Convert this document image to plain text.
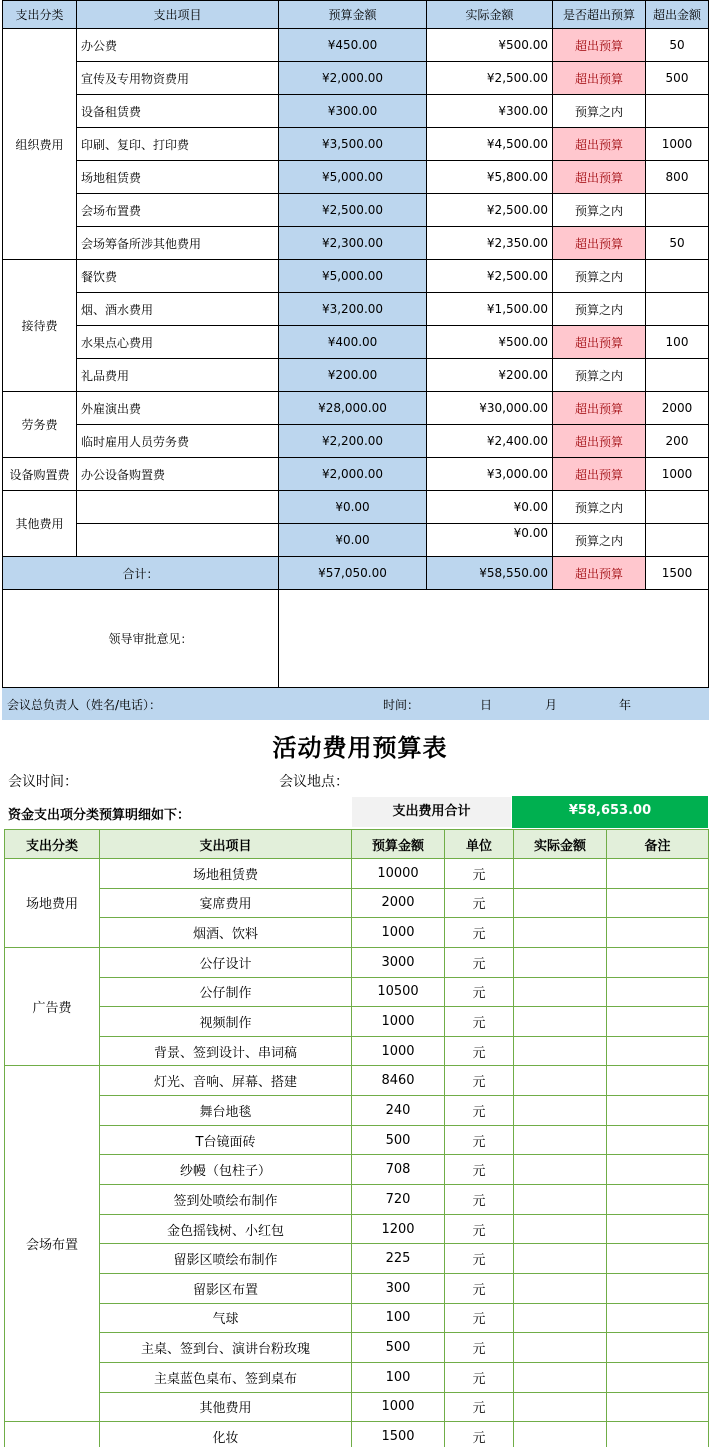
支出分类	支出项目	预算金额	实际金额	是否超出预算	超出金额
组织费用	办公费	¥450.00	¥500.00	超出预算	50
	宣传及专用物资费用	¥2,000.00	¥2,500.00	超出预算	500
	设备租赁费	¥300.00	¥300.00	预算之内	
	印刷、复印、打印费	¥3,500.00	¥4,500.00	超出预算	1000
	场地租赁费	¥5,000.00	¥5,800.00	超出预算	800
	会场布置费	¥2,500.00	¥2,500.00	预算之内	
	会场筹备所涉其他费用	¥2,300.00	¥2,350.00	超出预算	50
接待费	餐饮费	¥5,000.00	¥2,500.00	预算之内	
	烟、酒水费用	¥3,200.00	¥1,500.00	预算之内	
	水果点心费用	¥400.00	¥500.00	超出预算	100
	礼品费用	¥200.00	¥200.00	预算之内	
劳务费	外雇演出费	¥28,000.00	¥30,000.00	超出预算	2000
	临时雇用人员劳务费	¥2,200.00	¥2,400.00	超出预算	200
设备购置费	办公设备购置费	¥2,000.00	¥3,000.00	超出预算	1000
其他费用		¥0.00	¥0.00	预算之内	
		¥0.00	¥0.00	预算之内	
合计：		¥57,050.00	¥58,550.00	超出预算	1500
领导审批意见：					

会议总负责人（姓名/电话）： 时间： 日 月 年					
活动费用预算表
会议时间：	会议地点：
资金支出项分类预算明细如下：	支出费用合计	¥58,653.00
支出分类	支出项目	预算金额	单位	实际金额	备注
场地费用	场地租赁费	10000	元		
	宴席费用	2000	元		
	烟酒、饮料	1000	元		
广告费	公仔设计	3000	元		
	公仔制作	10500	元		
	视频制作	1000	元		
	背景、签到设计、串词稿	1000	元		
会场布置	灯光、音响、屏幕、搭建	8460	元		
	舞台地毯	240	元		
	T台镜面砖	500	元		
	纱幔（包柱子）	708	元		
	签到处喷绘布制作	720	元		
	金色摇钱树、小红包	1200	元		
	留影区喷绘布制作	225	元		
	留影区布置	300	元		
	气球	100	元		
	主桌、签到台、演讲台粉玫瑰	500	元		
	主桌蓝色桌布、签到桌布	100	元		
	其他费用	1000	元		
	化妆	1500	元		
